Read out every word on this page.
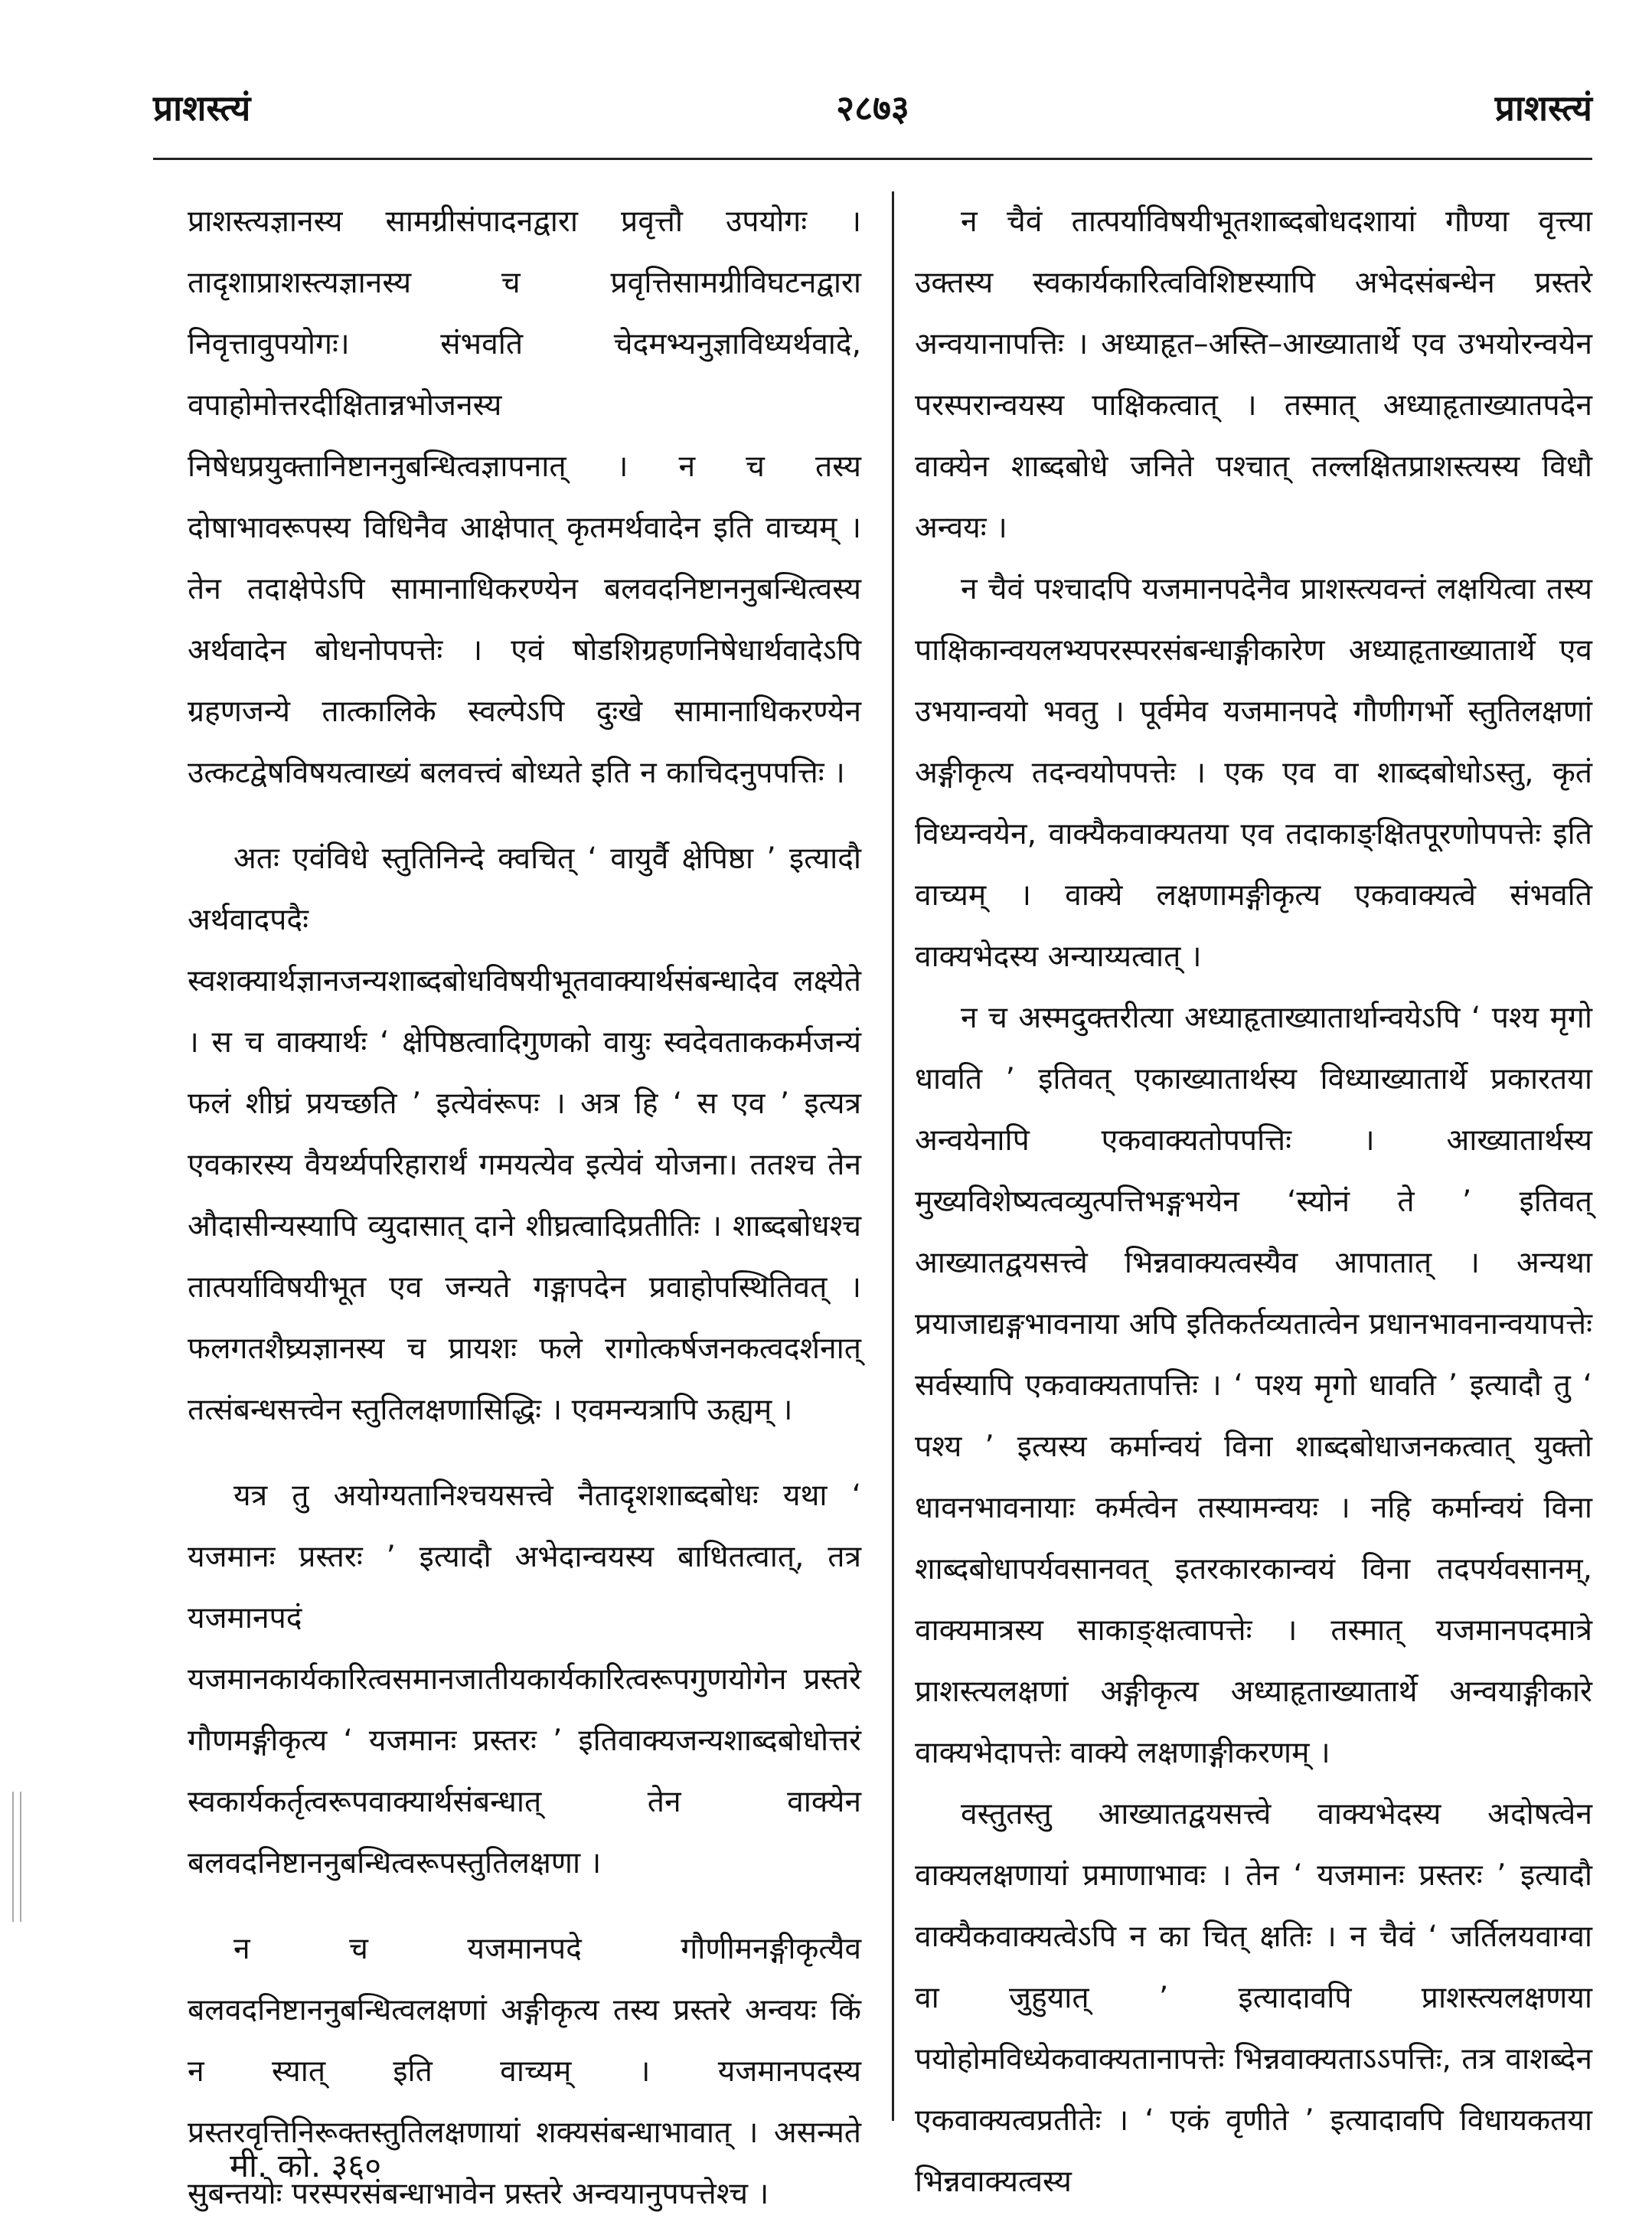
प्राशस्त्यं	२८७३	प्राशस्त्यं

प्राशस्त्यज्ञानस्य सामग्रीसंपादनद्वारा प्रवृत्तौ उपयोगः । तादृशाप्राशस्त्यज्ञानस्य च प्रवृत्तिसामग्रीविघटनद्वारा निवृत्तावुपयोगः। संभवति चेदमभ्यनुज्ञाविध्यर्थवादे, वपाहोमोत्तरदीक्षितान्नभोजनस्य निषेधप्रयुक्तानिष्टाननुबन्धित्वज्ञापनात् । न च तस्य दोषाभावरूपस्य विधिनैव आक्षेपात् कृतमर्थवादेन इति वाच्यम् । तेन तदाक्षेपेऽपि सामानाधिकरण्येन बलवदनिष्टाननुबन्धित्वस्य अर्थवादेन बोधनोपपत्तेः । एवं षोडशिग्रहणनिषेधार्थवादेऽपि ग्रहणजन्ये तात्कालिके स्वल्पेऽपि दुःखे सामानाधिकरण्येन उत्कटद्वेषविषयत्वाख्यं बलवत्त्वं बोध्यते इति न काचिदनुपपत्तिः ।

अतः एवंविधे स्तुतिनिन्दे क्वचित् ‘ वायुर्वै क्षेपिष्ठा ’ इत्यादौ अर्थवादपदैः स्वशक्यार्थज्ञानजन्यशाब्दबोधविषयीभूतवाक्यार्थसंबन्धादेव लक्ष्येते । स च वाक्यार्थः ‘ क्षेपिष्ठत्वादिगुणको वायुः स्वदेवताककर्मजन्यं फलं शीघ्रं प्रयच्छति ’ इत्येवंरूपः । अत्र हि ‘ स एव ’ इत्यत्र एवकारस्य वैयर्थ्यपरिहारार्थं गमयत्येव इत्येवं योजना। ततश्च तेन औदासीन्यस्यापि व्युदासात् दाने शीघ्रत्वादिप्रतीतिः । शाब्दबोधश्च तात्पर्याविषयीभूत एव जन्यते गङ्गापदेन प्रवाहोपस्थितिवत् । फलगतशैघ्र्यज्ञानस्य च प्रायशः फले रागोत्कर्षजनकत्वदर्शनात् तत्संबन्धसत्त्वेन स्तुतिलक्षणासिद्धिः । एवमन्यत्रापि ऊह्यम् ।

यत्र तु अयोग्यतानिश्चयसत्त्वे नैतादृशशाब्दबोधः यथा ‘ यजमानः प्रस्तरः ’ इत्यादौ अभेदान्वयस्य बाधितत्वात्, तत्र यजमानपदं यजमानकार्यकारित्वसमानजातीयकार्यकारित्वरूपगुणयोगेन प्रस्तरे गौणमङ्गीकृत्य ‘ यजमानः प्रस्तरः ’ इतिवाक्यजन्यशाब्दबोधोत्तरं स्वकार्यकर्तृत्वरूपवाक्यार्थसंबन्धात् तेन वाक्येन बलवदनिष्टाननुबन्धित्वरूपस्तुतिलक्षणा ।

न च यजमानपदे गौणीमनङ्गीकृत्यैव बलवदनिष्टाननुबन्धित्वलक्षणां अङ्गीकृत्य तस्य प्रस्तरे अन्वयः किं न स्यात् इति वाच्यम् । यजमानपदस्य प्रस्तरवृत्तिनिरूक्तस्तुतिलक्षणायां शक्यसंबन्धाभावात् । असन्मते सुबन्तयोः परस्परसंबन्धाभावेन प्रस्तरे अन्वयानुपपत्तेश्च ।

न चैवं तात्पर्याविषयीभूतशाब्दबोधदशायां गौण्या वृत्त्या उक्तस्य स्वकार्यकारित्वविशिष्टस्यापि अभेदसंबन्धेन प्रस्तरे अन्वयानापत्तिः । अध्याहृत–अस्ति–आख्यातार्थे एव उभयोरन्वयेन परस्परान्वयस्य पाक्षिकत्वात् । तस्मात् अध्याहृताख्यातपदेन वाक्येन शाब्दबोधे जनिते पश्चात् तल्लक्षितप्राशस्त्यस्य विधौ अन्वयः ।

न चैवं पश्चादपि यजमानपदेनैव प्राशस्त्यवन्तं लक्षयित्वा तस्य पाक्षिकान्वयलभ्यपरस्परसंबन्धाङ्गीकारेण अध्याहृताख्यातार्थे एव उभयान्वयो भवतु । पूर्वमेव यजमानपदे गौणीगर्भो स्तुतिलक्षणां अङ्गीकृत्य तदन्वयोपपत्तेः । एक एव वा शाब्दबोधोऽस्तु, कृतं विध्यन्वयेन, वाक्यैकवाक्यतया एव तदाकाङ्क्षितपूरणोपपत्तेः इति वाच्यम् । वाक्ये लक्षणामङ्गीकृत्य एकवाक्यत्वे संभवति वाक्यभेदस्य अन्याय्यत्वात् ।

न च अस्मदुक्तरीत्या अध्याहृताख्यातार्थान्वयेऽपि ‘ पश्य मृगो धावति ’ इतिवत् एकाख्यातार्थस्य विध्याख्यातार्थे प्रकारतया अन्वयेनापि एकवाक्यतोपपत्तिः । आख्यातार्थस्य मुख्यविशेष्यत्वव्युत्पत्तिभङ्गभयेन ‘स्योनं ते ’ इतिवत् आख्यातद्वयसत्त्वे भिन्नवाक्यत्वस्यैव आपातात् । अन्यथा प्रयाजाद्यङ्गभावनाया अपि इतिकर्तव्यतात्वेन प्रधानभावनान्वयापत्तेः सर्वस्यापि एकवाक्यतापत्तिः । ‘ पश्य मृगो धावति ’ इत्यादौ तु ‘ पश्य ’ इत्यस्य कर्मान्वयं विना शाब्दबोधाजनकत्वात् युक्तो धावनभावनायाः कर्मत्वेन तस्यामन्वयः । नहि कर्मान्वयं विना शाब्दबोधापर्यवसानवत् इतरकारकान्वयं विना तदपर्यवसानम्, वाक्यमात्रस्य साकाङ्क्षत्वापत्तेः । तस्मात् यजमानपदमात्रे प्राशस्त्यलक्षणां अङ्गीकृत्य अध्याहृताख्यातार्थे अन्वयाङ्गीकारे वाक्यभेदापत्तेः वाक्ये लक्षणाङ्गीकरणम् ।

वस्तुतस्तु आख्यातद्वयसत्त्वे वाक्यभेदस्य अदोषत्वेन वाक्यलक्षणायां प्रमाणाभावः । तेन ‘ यजमानः प्रस्तरः ’ इत्यादौ वाक्यैकवाक्यत्वेऽपि न का चित् क्षतिः । न चैवं ‘ जर्तिलयवाग्वा वा जुहुयात् ’ इत्यादावपि प्राशस्त्यलक्षणया पयोहोमविध्येकवाक्यतानापत्तेः भिन्नवाक्यताऽऽपत्तिः, तत्र वाशब्देन एकवाक्यत्वप्रतीतेः । ‘ एकं वृणीते ’ इत्यादावपि विधायकतया भिन्नवाक्यत्वस्य

मी. को. ३६०
